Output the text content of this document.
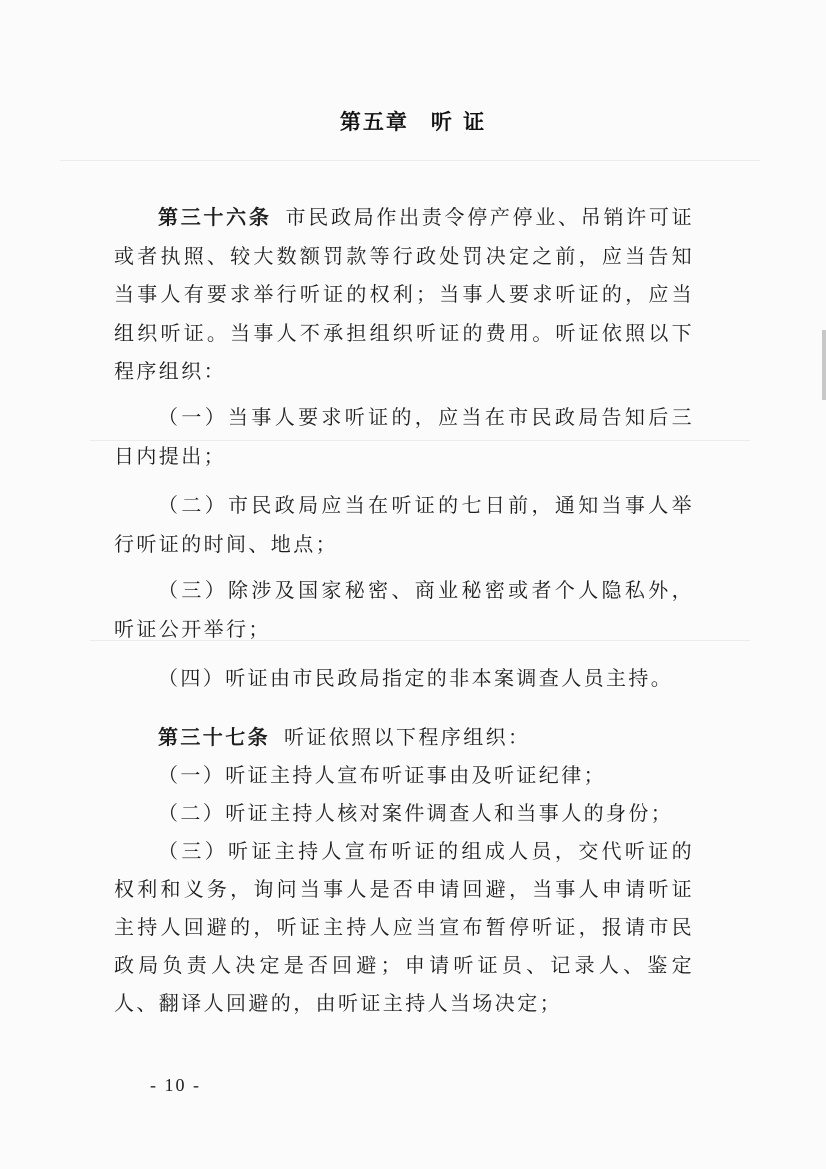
第五章 听 证
第三十六条 市民政局作出责令停产停业、吊销许可证或者执照、较大数额罚款等行政处罚决定之前，应当告知当事人有要求举行听证的权利；当事人要求听证的，应当组织听证。当事人不承担组织听证的费用。听证依照以下程序组织：
（一）当事人要求听证的，应当在市民政局告知后三日内提出；
（二）市民政局应当在听证的七日前，通知当事人举行听证的时间、地点；
（三）除涉及国家秘密、商业秘密或者个人隐私外，听证公开举行；
（四）听证由市民政局指定的非本案调查人员主持。
第三十七条 听证依照以下程序组织：
（一）听证主持人宣布听证事由及听证纪律；
（二）听证主持人核对案件调查人和当事人的身份；
（三）听证主持人宣布听证的组成人员，交代听证的权利和义务，询问当事人是否申请回避，当事人申请听证主持人回避的，听证主持人应当宣布暂停听证，报请市民政局负责人决定是否回避；申请听证员、记录人、鉴定人、翻译人回避的，由听证主持人当场决定；
- 10 -
